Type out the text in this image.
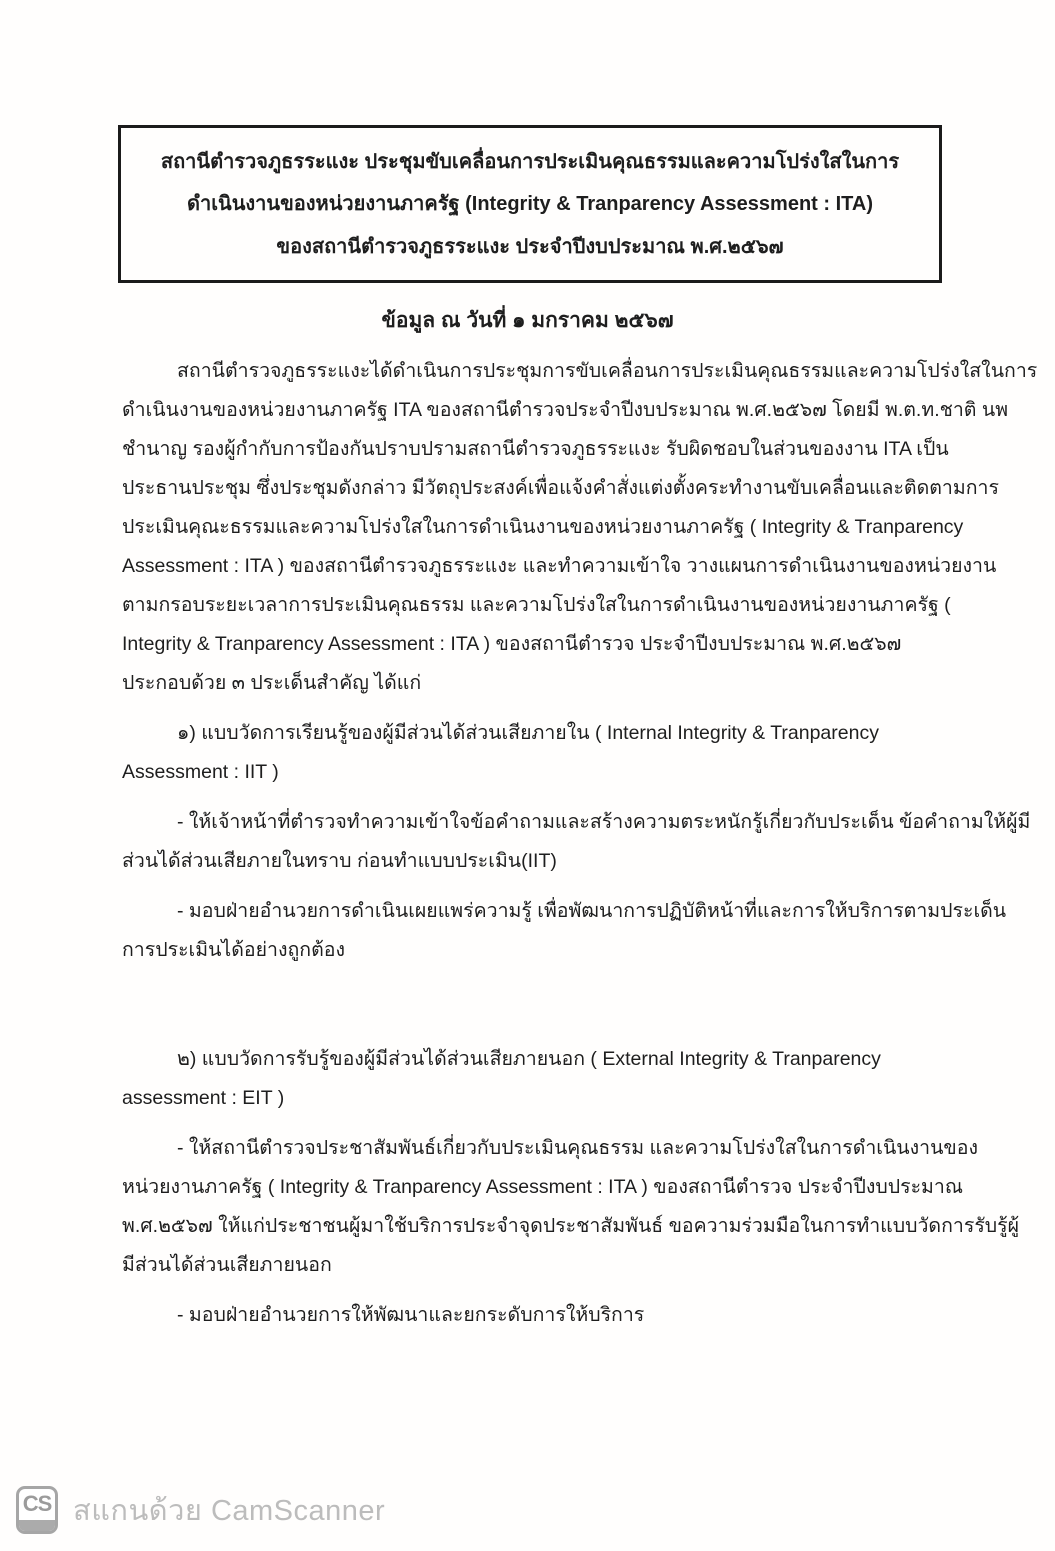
สถานีตำรวจภูธรระแงะ ประชุมขับเคลื่อนการประเมินคุณธรรมและความโปร่งใสในการ
ดำเนินงานของหน่วยงานภาครัฐ (Integrity & Tranparency Assessment : ITA)
ของสถานีตำรวจภูธรระแงะ ประจำปีงบประมาณ พ.ศ.๒๕๖๗
ข้อมูล ณ วันที่ ๑ มกราคม ๒๕๖๗
สถานีตำรวจภูธรระแงะได้ดำเนินการประชุมการขับเคลื่อนการประเมินคุณธรรมและความโปร่งใสในการ
ดำเนินงานของหน่วยงานภาครัฐ ITA ของสถานีตำรวจประจำปีงบประมาณ พ.ศ.๒๕๖๗ โดยมี พ.ต.ท.ชาติ นพ
ชำนาญ รองผู้กำกับการป้องกันปราบปรามสถานีตำรวจภูธรระแงะ รับผิดชอบในส่วนของงาน ITA เป็น
ประธานประชุม ซึ่งประชุมดังกล่าว มีวัตถุประสงค์เพื่อแจ้งคำสั่งแต่งตั้งคระทำงานขับเคลื่อนและติดตามการ
ประเมินคุณะธรรมและความโปร่งใสในการดำเนินงานของหน่วยงานภาครัฐ ( Integrity & Tranparency
Assessment : ITA ) ของสถานีตำรวจภูธรระแงะ และทำความเข้าใจ วางแผนการดำเนินงานของหน่วยงาน
ตามกรอบระยะเวลาการประเมินคุณธรรม และความโปร่งใสในการดำเนินงานของหน่วยงานภาครัฐ (
Integrity & Tranparency Assessment : ITA ) ของสถานีตำรวจ ประจำปีงบประมาณ พ.ศ.๒๕๖๗
ประกอบด้วย ๓ ประเด็นสำคัญ ได้แก่
๑) แบบวัดการเรียนรู้ของผู้มีส่วนได้ส่วนเสียภายใน ( Internal Integrity & Tranparency
Assessment : IIT )
- ให้เจ้าหน้าที่ตำรวจทำความเข้าใจข้อคำถามและสร้างความตระหนักรู้เกี่ยวกับประเด็น ข้อคำถามให้ผู้มี
ส่วนได้ส่วนเสียภายในทราบ ก่อนทำแบบประเมิน(IIT)
- มอบฝ่ายอำนวยการดำเนินเผยแพร่ความรู้ เพื่อพัฒนาการปฏิบัติหน้าที่และการให้บริการตามประเด็น
การประเมินได้อย่างถูกต้อง
๒) แบบวัดการรับรู้ของผู้มีส่วนได้ส่วนเสียภายนอก ( External Integrity & Tranparency
assessment : EIT )
- ให้สถานีตำรวจประชาสัมพันธ์เกี่ยวกับประเมินคุณธรรม และความโปร่งใสในการดำเนินงานของ
หน่วยงานภาครัฐ ( Integrity & Tranparency Assessment : ITA ) ของสถานีตำรวจ ประจำปีงบประมาณ
พ.ศ.๒๕๖๗ ให้แก่ประชาชนผู้มาใช้บริการประจำจุดประชาสัมพันธ์ ขอความร่วมมือในการทำแบบวัดการรับรู้ผู้
มีส่วนได้ส่วนเสียภายนอก
- มอบฝ่ายอำนวยการให้พัฒนาและยกระดับการให้บริการ
CS สแกนด้วย CamScanner
